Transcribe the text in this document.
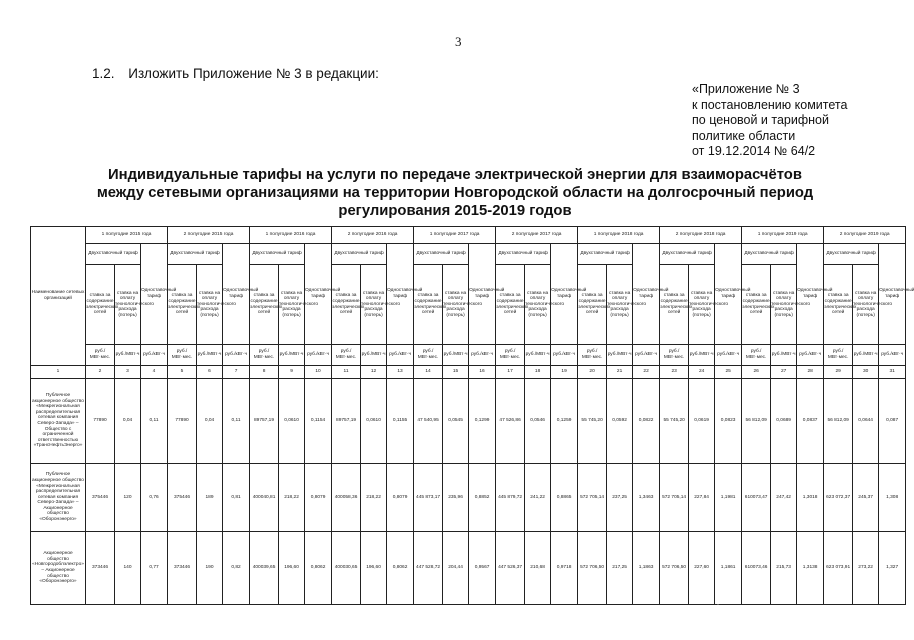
3
1.2. Изложить Приложение № 3 в редакции:
«Приложение № 3
к постановлению комитета
по ценовой и тарифной
политике области
от 19.12.2014 № 64/2
Индивидуальные тарифы на услуги по передаче электрической энергии для взаиморасчётов
между сетевыми организациями на территории Новгородской области на долгосрочный период
регулирования 2015-2019 годов
Наименование сетевых организаций	1 полугодие 2015 года			2 полугодие 2015 года			1 полугодие 2016 года			2 полугодие 2016 года			1 полугодие 2017 года			2 полугодие 2017 года			1 полугодие 2018 года			2 полугодие 2018 года			1 полугодие 2019 года			2 полугодие 2019 года		
	Двухставочный тариф		Одноставочный тариф	Двухставочный тариф		Одноставочный тариф	Двухставочный тариф		Одноставочный тариф	Двухставочный тариф		Одноставочный тариф	Двухставочный тариф		Одноставочный тариф	Двухставочный тариф		Одноставочный тариф	Двухставочный тариф		Одноставочный тариф	Двухставочный тариф		Одноставочный тариф	Двухставочный тариф		Одноставочный тариф	Двухставочный тариф		Одноставочный тариф
	ставка за содержание электрических сетей	ставка на оплату технологического расхода (потерь)		ставка за содержание электрических сетей	ставка на оплату технологического расхода (потерь)		ставка за содержание электрических сетей	ставка на оплату технологического расхода (потерь)		ставка за содержание электрических сетей	ставка на оплату технологического расхода (потерь)		ставка за содержание электрических сетей	ставка на оплату технологического расхода (потерь)		ставка за содержание электрических сетей	ставка на оплату технологического расхода (потерь)		ставка за содержание электрических сетей	ставка на оплату технологического расхода (потерь)		ставка за содержание электрических сетей	ставка на оплату технологического расхода (потерь)		ставка за содержание электрических сетей	ставка на оплату технологического расхода (потерь)		ставка за содержание электрических сетей	ставка на оплату технологического расхода (потерь)	
	руб./МВт·мес.	руб./МВт·ч	руб./кВт·ч	руб./МВт·мес.	руб./МВт·ч	руб./кВт·ч	руб./МВт·мес.	руб./МВт·ч	руб./кВт·ч	руб./МВт·мес.	руб./МВт·ч	руб./кВт·ч	руб./МВт·мес.	руб./МВт·ч	руб./кВт·ч	руб./МВт·мес.	руб./МВт·ч	руб./кВт·ч	руб./МВт·мес.	руб./МВт·ч	руб./кВт·ч	руб./МВт·мес.	руб./МВт·ч	руб./кВт·ч	руб./МВт·мес.	руб./МВт·ч	руб./кВт·ч	руб./МВт·мес.	руб./МВт·ч	руб./кВт·ч
1	2	3	4	5	6	7	8	9	10	11	12	13	14	15	16	17	18	19	20	21	22	23	24	25	26	27	28	29	30	31
Публичное акционерное общество «Межрегиональная распределительная сетевая компания Северо-Запада» – Общество с ограниченной ответственностью «ТрансНефтьЭнерго»	77890	0,04	0,11	77890	0,04	0,11	89757,19	0,0610	0,1154	89757,19	0,0610	0,1155	47 540,95	0,0545	0,1299	47 526,86	0,0546	0,1259	55 745,20	0,0592	0,0822	55 745,20	0,0619	0,0823	56 812,09	0,0689	0,0837	56 812,09	0,0644	0,087
Публичное акционерное общество «Межрегиональная распределительная сетевая компания Северо-Запада» – Акционерное общество «Оборонэнерго»	375446	120	0,76	375446	189	0,81	400040,81	218,22	0,8079	400058,36	218,22	0,8079	445 873,17	235,96	0,8852	445 879,72	241,22	0,8865	572 705,14	237,25	1,3463	572 705,14	227,84	1,1981	610073,47	247,42	1,3018	623 072,37	245,37	1,308
Акционерное общество «Новгородоблэлектро» – Акционерное общество «Оборонэнерго»	373446	140	0,77	373446	190	0,82	400039,65	196,60	0,8062	400030,65	196,60	0,8062	447 528,72	204,44	0,9567	447 526,37	210,68	0,9718	572 706,50	217,25	1,1863	572 706,50	227,60	1,1861	610073,46	215,73	1,3138	623 073,91	273,22	1,327
